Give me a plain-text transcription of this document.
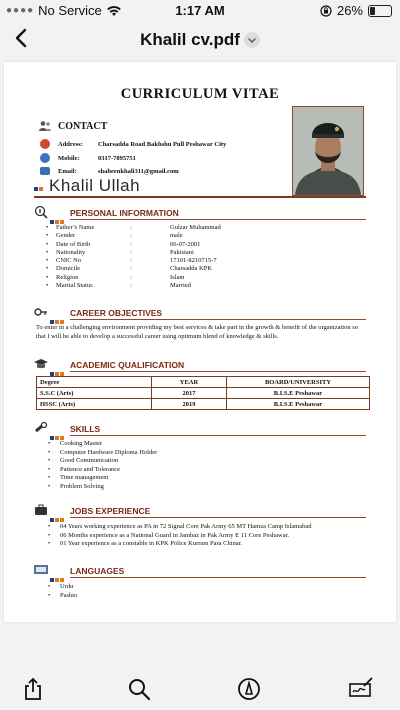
●●●● No Service	1:17 AM	26%
Khalil cv.pdf
CURRICULUM VITAE
CONTACT
Address:	Charsadda Road Bakhshu Pull Peshawar City
Mobile:	0317-7895751
Email:	shaheenkhali311@gmail.com
Khalil Ullah
PERSONAL INFORMATION
•	Father’s Name	:	Gulzar Muhammad
•	Gender	:	male
•	Date of Birth	:	06-07-2001
•	Nationality	:	Pakistani
•	CNIC No	:	17101-8210715-7
•	Domicile	:	Charsadda KPK
•	Religion	:	Islam
•	Marital Status	:	Married
CAREER OBJECTIVES
To enter in a challenging environment providing my best services & take part in the growth & benefit of the organization so that I will be able to develop a successful career using optimum blend of knowledge & skills.
ACADEMIC QUALIFICATION
Degree	YEAR	BOARD/UNIVERSITY
S.S.C (Arts)	2017	B.I.S.E Peshawar
HSSC (Arts)	2019	B.I.S.E Peshawar
SKILLS
• Cooking Master
• Computer Hardware Diploma Holder
• Good Communication
• Patience and Tolerance
• Time management
• Problem Solving
JOBS EXPERIENCE
• 04 Years working experience as PA in 72 Signal Core Pak Army 65 MT Hamza Camp Islamabad
• 06 Months experience as a National Guard in Jambaz in Pak Army E 11 Core Peshawar.
• 01 Year experience as a constable in KPK Police Kurram Para Chinar.
LANGUAGES
• Urdu
• Pashto
